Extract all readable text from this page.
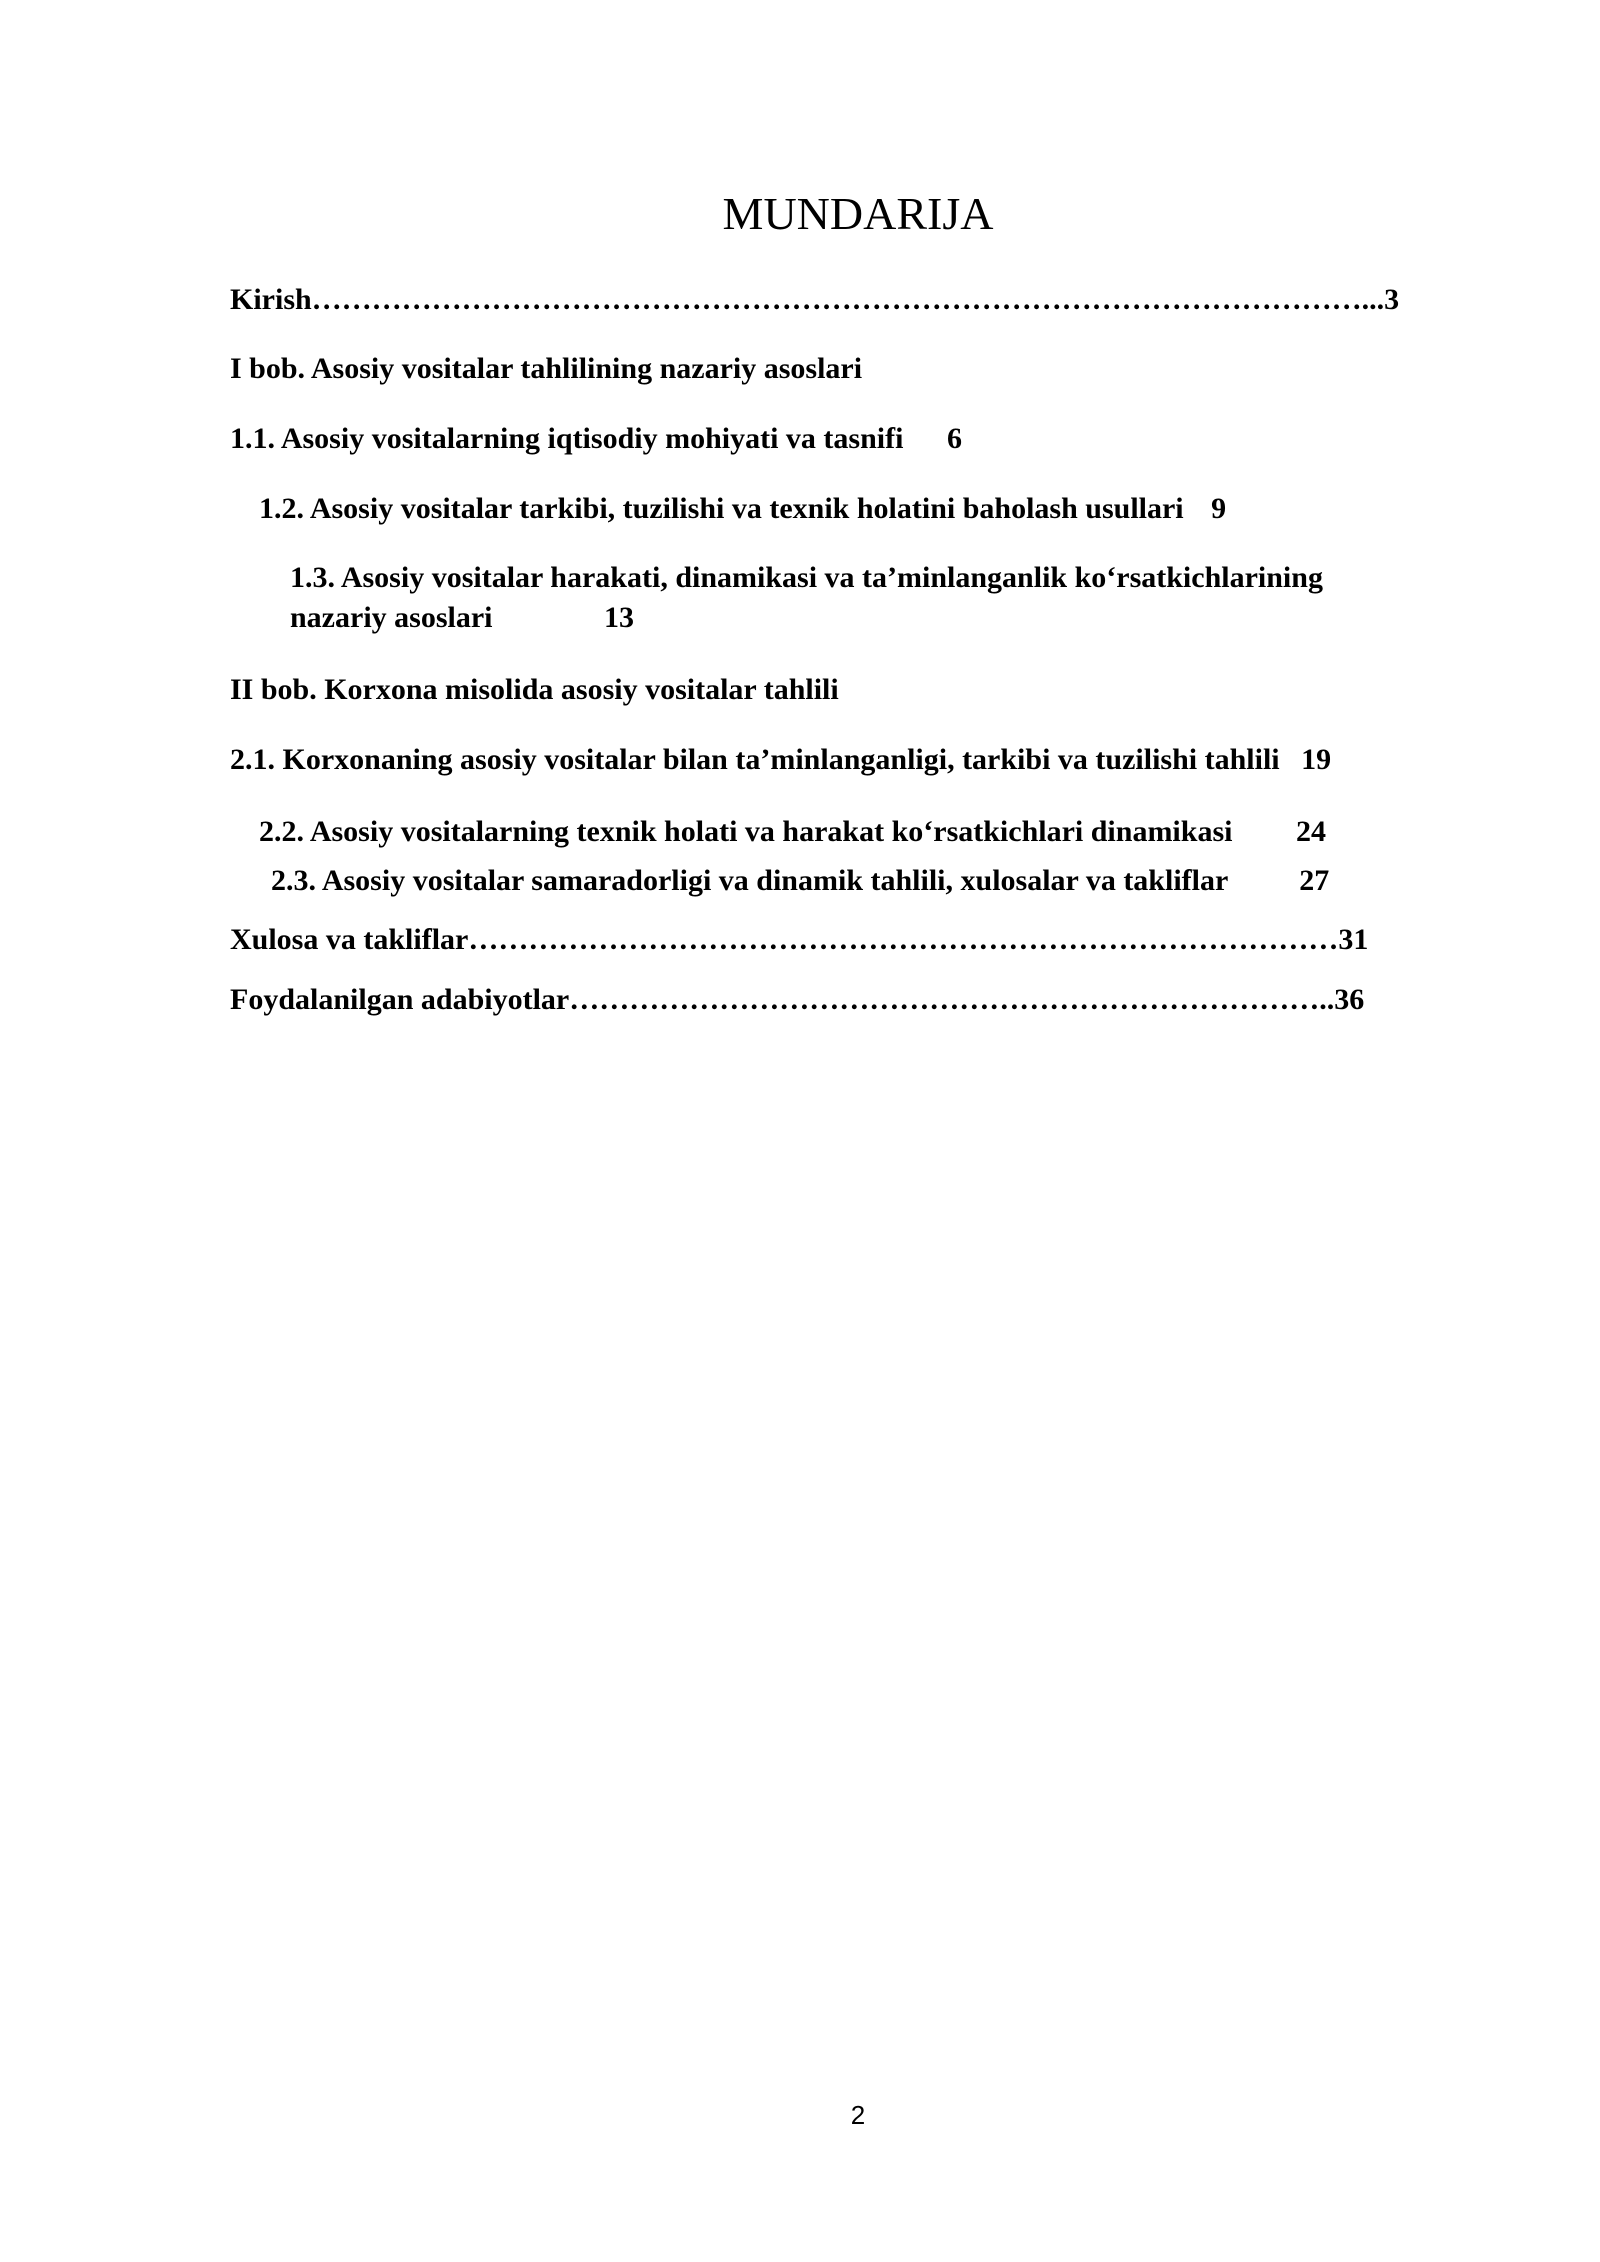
MUNDARIJA
Kirish……………………………………………………………………………………………...3
I bob. Asosiy vositalar tahlilining nazariy asoslari
1.1. Asosiy vositalarning iqtisodiy mohiyati va tasnifi 6
1.2. Asosiy vositalar tarkibi, tuzilishi va texnik holatini baholash usullari 9
1.3. Asosiy vositalar harakati, dinamikasi va ta’minlanganlik ko‘rsatkichlarining
nazariy asoslari	13
II bob. Korxona misolida asosiy vositalar tahlili
2.1. Korxonaning asosiy vositalar bilan ta’minlanganligi, tarkibi va tuzilishi tahlili 19
2.2. Asosiy vositalarning texnik holati va harakat ko‘rsatkichlari dinamikasi 24
2.3. Asosiy vositalar samaradorligi va dinamik tahlili, xulosalar va takliflar 27
Xulosa va takliflar……………………………………………………………………………31
Foydalanilgan adabiyotlar…………………………………………………………………..36
2
